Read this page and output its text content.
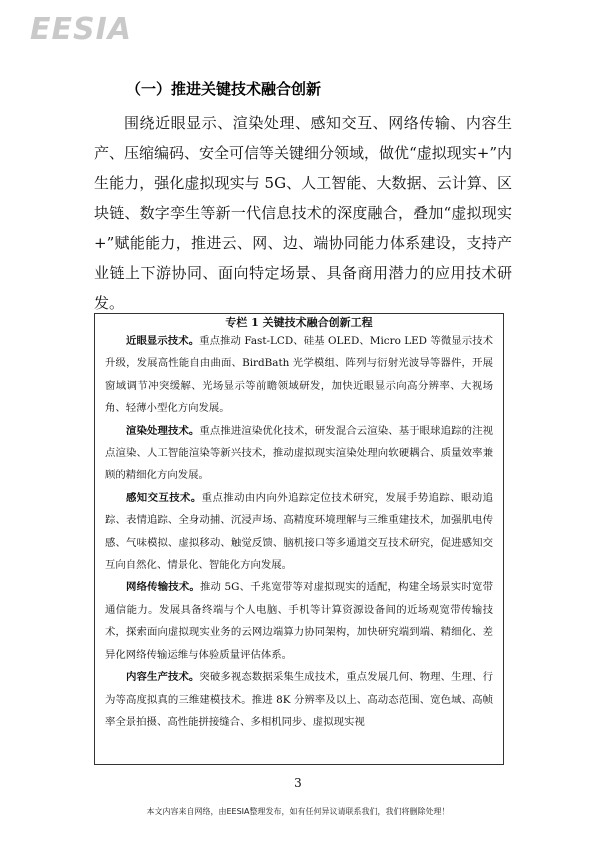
EESIA
（一）推进关键技术融合创新

围绕近眼显示、渲染处理、感知交互、网络传输、内容生产、压缩编码、安全可信等关键细分领域，做优“虚拟现实+”内生能力，强化虚拟现实与 5G、人工智能、大数据、云计算、区块链、数字孪生等新一代信息技术的深度融合，叠加“虚拟现实+”赋能能力，推进云、网、边、端协同能力体系建设，支持产业链上下游协同、面向特定场景、具备商用潜力的应用技术研发。

专栏 1 关键技术融合创新工程

近眼显示技术。重点推动 Fast-LCD、硅基 OLED、Micro LED 等微显示技术升级，发展高性能自由曲面、BirdBath 光学模组、阵列与衍射光波导等器件，开展窗域调节冲突缓解、光场显示等前瞻领域研发，加快近眼显示向高分辨率、大视场角、轻薄小型化方向发展。

渲染处理技术。重点推进渲染优化技术，研发混合云渲染、基于眼球追踪的注视点渲染、人工智能渲染等新兴技术，推动虚拟现实渲染处理向软硬耦合、质量效率兼顾的精细化方向发展。

感知交互技术。重点推动由内向外追踪定位技术研究，发展手势追踪、眼动追踪、表情追踪、全身动捕、沉浸声场、高精度环境理解与三维重建技术，加强肌电传感、气味模拟、虚拟移动、触觉反馈、脑机接口等多通道交互技术研究，促进感知交互向自然化、情景化、智能化方向发展。

网络传输技术。推动 5G、千兆宽带等对虚拟现实的适配，构建全场景实时宽带通信能力。发展具备终端与个人电脑、手机等计算资源设备间的近场观宽带传输技术，探索面向虚拟现实业务的云网边端算力协同架构，加快研究端到端、精细化、差异化网络传输运维与体验质量评估体系。

内容生产技术。突破多视态数据采集生成技术，重点发展几何、物理、生理、行为等高度拟真的三维建模技术。推进 8K 分辨率及以上、高动态范围、宽色域、高帧率全景拍摄、高性能拼接缝合、多相机同步、虚拟现实视

3
本文内容来自网络，由EESIA整理发布，如有任何异议请联系我们，我们将删除处理！
